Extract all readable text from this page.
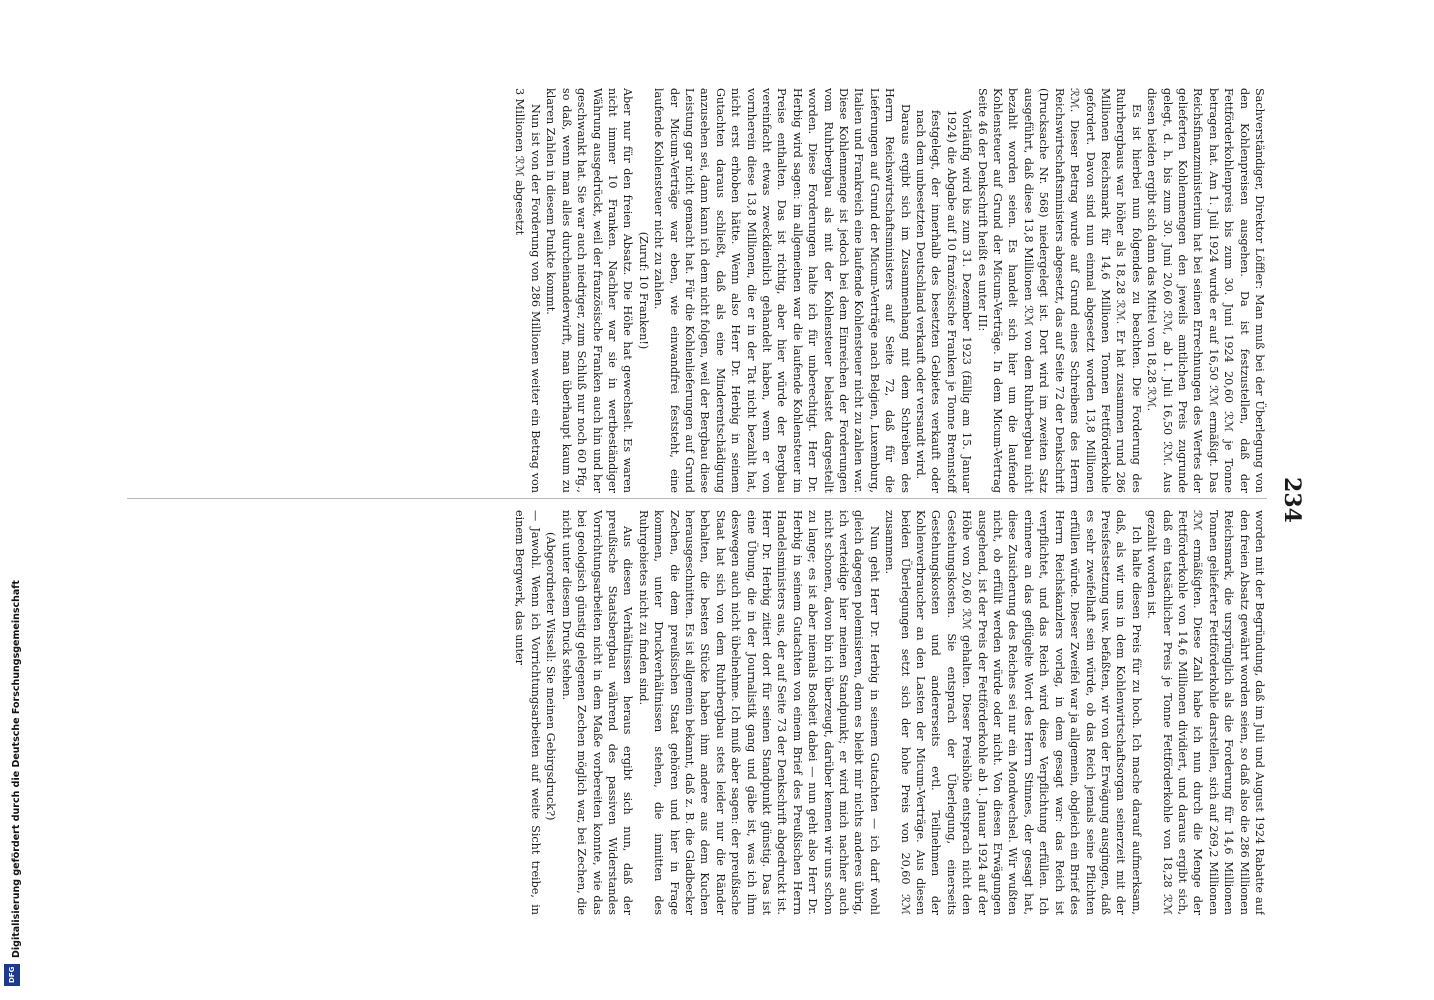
234

Sachverständiger, Direktor Löffler: Man muß bei der Überlegung von den Kohlenpreisen ausgehen. Da ist festzustellen, daß der Fettförderkohlenpreis bis zum 30. Juni 1924 20,60 ℛℳ je Tonne betragen hat. Am 1. Juli 1924 wurde er auf 16,50 ℛℳ ermäßigt. Das Reichsfinanzministerium hat bei seinen Errechnungen des Wertes der gelieferten Kohlenmengen den jeweils amtlichen Preis zugrunde gelegt, d. h. bis zum 30. Juni 20,60 ℛℳ, ab 1. Juli 16,50 ℛℳ. Aus diesen beiden ergibt sich dann das Mittel von 18,28 ℛℳ.

Es ist hierbei nun folgendes zu beachten. Die Forderung des Ruhrbergbaus war höher als 18,28 ℛℳ. Er hat zusammen rund 286 Millionen Reichsmark für 14,6 Millionen Tonnen Fettförderkohle gefordert. Davon sind nun einmal abgesetzt worden 13,8 Millionen ℛℳ. Dieser Betrag wurde auf Grund eines Schreibens des Herrn Reichswirtschaftsministers abgesetzt, das auf Seite 72 der Denkschrift (Drucksache Nr. 568) niedergelegt ist. Dort wird im zweiten Satz ausgeführt, daß diese 13,8 Millionen ℛℳ von dem Ruhrbergbau nicht bezahlt worden seien. Es handelt sich hier um die laufende Kohlensteuer auf Grund der Micum-Verträge. In dem Micum-Vertrag Seite 46 der Denkschrift heißt es unter III:

Vorläufig wird bis zum 31. Dezember 1923 (fällig am 15. Januar 1924) die Abgabe auf 10 französische Franken je Tonne Brennstoff festgelegt, der innerhalb des besetzten Gebietes verkauft oder nach dem unbesetzten Deutschland verkauft oder versandt wird.

Daraus ergibt sich im Zusammenhang mit dem Schreiben des Herrn Reichswirtschaftsministers auf Seite 72, daß für die Lieferungen auf Grund der Micum-Verträge nach Belgien, Luxemburg, Italien und Frankreich eine laufende Kohlensteuer nicht zu zahlen war. Diese Kohlenmenge ist jedoch bei dem Einreichen der Forderungen vom Ruhrbergbau als mit der Kohlensteuer belastet dargestellt worden. Diese Forderungen halte ich für unberechtigt. Herr Dr. Herbig wird sagen: im allgemeinen war die laufende Kohlensteuer im Preise enthalten. Das ist richtig, aber hier würde der Bergbau vereinfacht etwas zweckdienlich gehandelt haben, wenn er von vornherein diese 13,8 Millionen, die er in der Tat nicht bezahlt hat, nicht erst erhoben hätte. Wenn also Herr Dr. Herbig in seinem Gutachten daraus schließt, daß als eine Minderentschädigung anzusehen sei, dann kann ich dem nicht folgen, weil der Bergbau diese Leistung gar nicht gemacht hat. Für die Kohlenlieferungen auf Grund der Micum-Verträge war eben, wie einwandfrei feststeht, eine laufende Kohlensteuer nicht zu zahlen.

(Zuruf: 10 Franken!)

Aber nur für den freien Absatz. Die Höhe hat gewechselt. Es waren nicht immer 10 Franken. Nachher war sie in wertbeständiger Währung ausgedrückt, weil der französische Franken auch hin und her geschwankt hat. Sie war auch niedriger, zum Schluß nur noch 60 Pfg., so daß, wenn man alles durcheinanderwirft, man überhaupt kaum zu klaren Zahlen in diesem Punkte kommt.

Nun ist von der Forderung von 286 Millionen weiter ein Betrag von 3 Millionen ℛℳ abgesetzt

worden mit der Begründung, daß im Juli und August 1924 Rabatte auf den freien Absatz gewährt worden seien, so daß also die 286 Millionen Reichsmark, die ursprünglich als die Forderung für 14,6 Millionen Tonnen gelieferter Fettförderkohle darstellen, sich auf 269,2 Millionen ℛℳ ermäßigten. Diese Zahl habe ich nun durch die Menge der Fettförderkohle von 14,6 Millionen dividiert, und daraus ergibt sich, daß ein tatsächlicher Preis je Tonne Fettförderkohle von 18,28 ℛℳ gezahlt worden ist.

Ich halte diesen Preis für zu hoch. Ich mache darauf aufmerksam, daß, als wir uns in dem Kohlenwirtschaftsorgan seinerzeit mit der Preisfestsetzung usw. befaßten, wir von der Erwägung ausgingen, daß es sehr zweifelhaft sein würde, ob das Reich jemals seine Pflichten erfüllen würde. Dieser Zweifel war ja allgemein, obgleich ein Brief des Herrn Reichskanzlers vorlag, in dem gesagt war: das Reich ist verpflichtet, und das Reich wird diese Verpflichtung erfüllen. Ich erinnere an das geflügelte Wort des Herrn Stinnes, der gesagt hat, diese Zusicherung des Reiches sei nur ein Mondwechsel. Wir wußten nicht, ob erfüllt werden würde oder nicht. Von diesen Erwägungen ausgehend, ist der Preis der Fettförderkohle ab 1. Januar 1924 auf der Höhe von 20,60 ℛℳ gehalten. Dieser Preishöhe entsprach nicht den Gestehungskosten. Sie entsprach der Überlegung, einerseits Gestehungskosten und andererseits evtl. Teilnehmen der Kohlenverbraucher an den Lasten der Micum-Verträge. Aus diesen beiden Überlegungen setzt sich der hohe Preis von 20,60 ℛℳ zusammen.

Nun geht Herr Dr. Herbig in seinem Gutachten — ich darf wohl gleich dagegen polemisieren, denn es bleibt mir nichts anderes übrig, ich verteidige hier meinen Standpunkt; er wird mich nachher auch nicht schonen, davon bin ich überzeugt, darüber kennen wir uns schon zu lange; es ist aber niemals Bosheit dabei — nun geht also Herr Dr. Herbig in seinem Gutachten von einem Brief des Preußischen Herrn Handelsministers aus, der auf Seite 73 der Denkschrift abgedruckt ist. Herr Dr. Herbig zitiert dort für seinen Standpunkt günstig. Das ist eine Übung, die in der Journalistik gang und gäbe ist, was ich ihm deswegen auch nicht übelnehme. Ich muß aber sagen: der preußische Staat hat sich von dem Ruhrbergbau stets leider nur die Ränder behalten, die besten Stücke haben ihm andere aus dem Kuchen herausgeschnitten. Es ist allgemein bekannt, daß z. B. die Gladbecker Zechen, die dem preußischen Staat gehören und hier in Frage kommen, unter Druckverhältnissen stehen, die inmitten des Ruhrgebietes nicht zu finden sind.

Aus diesen Verhältnissen heraus ergibt sich nun, daß der preußische Staatsbergbau während des passiven Widerstandes Vorrichtungsarbeiten nicht in dem Maße vorbereiten konnte, wie das bei geologisch günstig gelegenen Zechen möglich war, bei Zechen, die nicht unter diesem Druck stehen.

(Abgeordneter Wissell: Sie meinen Gebirgsdruck?)

— Jawohl. Wenn ich Vorrichtungsarbeiten auf weite Sicht treibe, in einem Bergwerk, das unter

Digitalisierung gefördert durch die Deutsche Forschungsgemeinschaft
DFG
